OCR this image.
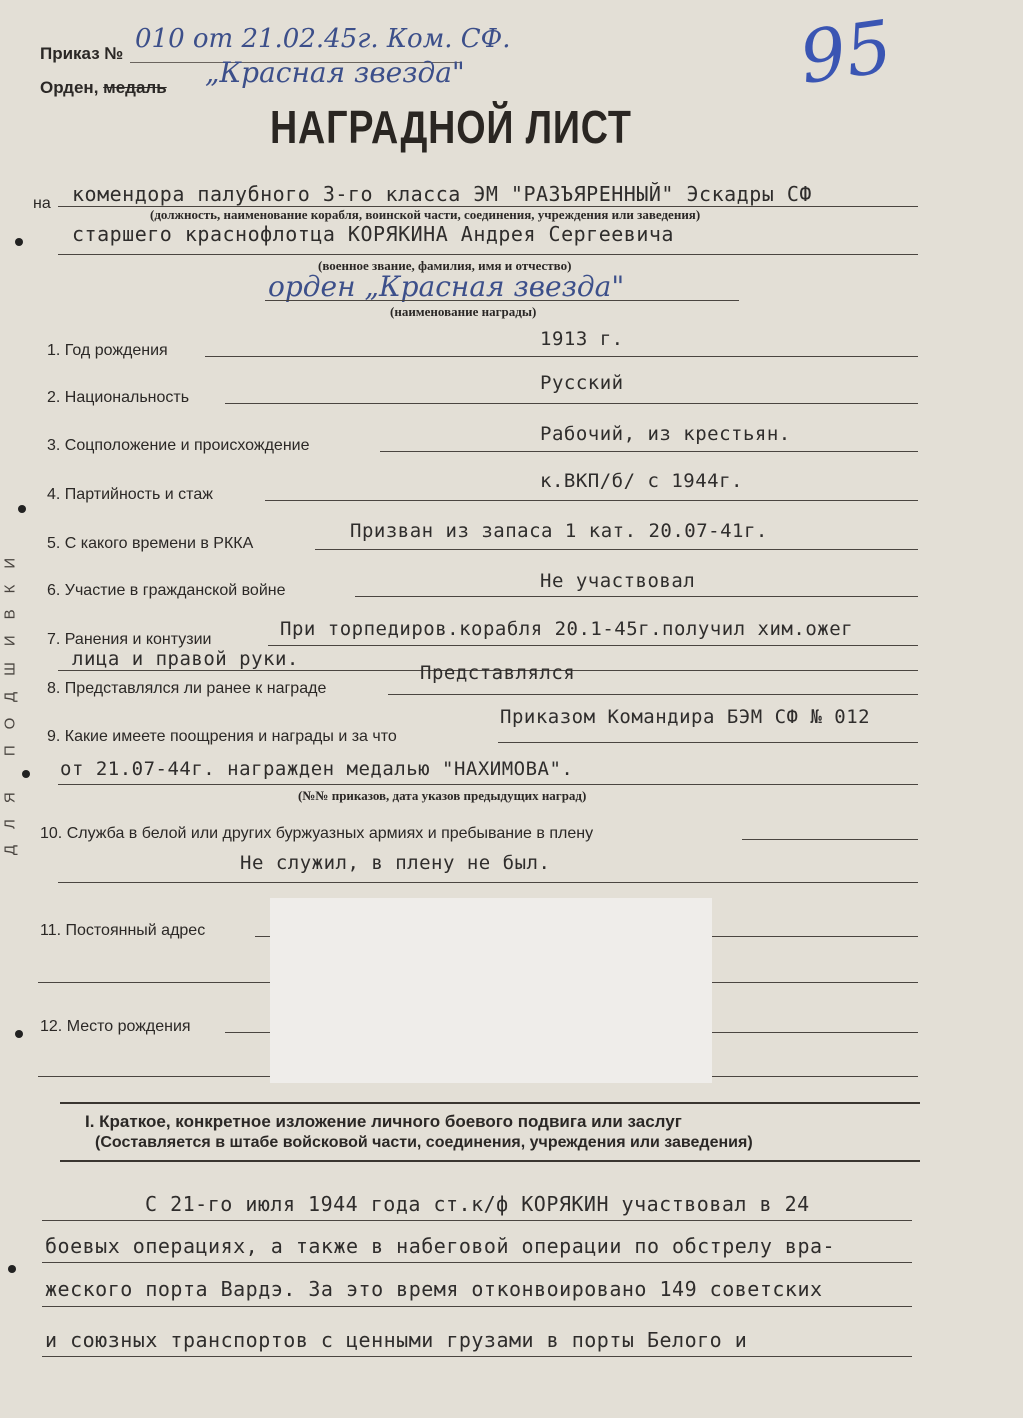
ДЛЯ ПОДШИВКИ
Приказ № 010 от 21.02.45г. Ком. СФ.
Орден, медаль „Красная звезда"	95
НАГРАДНОЙ ЛИСТ
на комендора палубного 3-го класса ЭМ "РАЗЪЯРЕННЫЙ" Эскадры СФ
(должность, наименование корабля, воинской части, соединения, учреждения или заведения)
старшего краснофлотца КОРЯКИНА Андрея Сергеевича
(военное звание, фамилия, имя и отчество)
орден „Красная звезда"
(наименование награды)
1. Год рождения
1913 г.
2. Национальность
Русский
3. Соцположение и происхождение
Рабочий, из крестьян.
4. Партийность и стаж
к.ВКП/б/ с 1944г.
5. С какого времени в РККА
Призван из запаса 1 кат. 20.07-41г.
6. Участие в гражданской войне	Не участвовал
7. Ранения и контузии	При торпедиров.корабля 20.1-45г.получил хим.ожег
лица и правой руки.
8. Представлялся ли ранее к награде
Представлялся
9. Какие имеете поощрения и награды и за что
Приказом Командира БЭМ СФ № 012
от 21.07-44г. награжден медалью "НАХИМОВА".
(№№ приказов, дата указов предыдущих наград)
10. Служба в белой или других буржуазных армиях и пребывание в плену
Не служил, в плену не был.
11. Постоянный адрес
12. Место рождения
I. Краткое, конкретное изложение личного боевого подвига или заслуг
(Составляется в штабе войсковой части, соединения, учреждения или заведения)
С 21-го июля 1944 года ст.к/ф КОРЯКИН участвовал в 24
боевых операциях, а также в набеговой операции по обстрелу вра-
жеского порта Вардэ. За это время отконвоировано 149 советских
и союзных транспортов с ценными грузами в порты Белого и
